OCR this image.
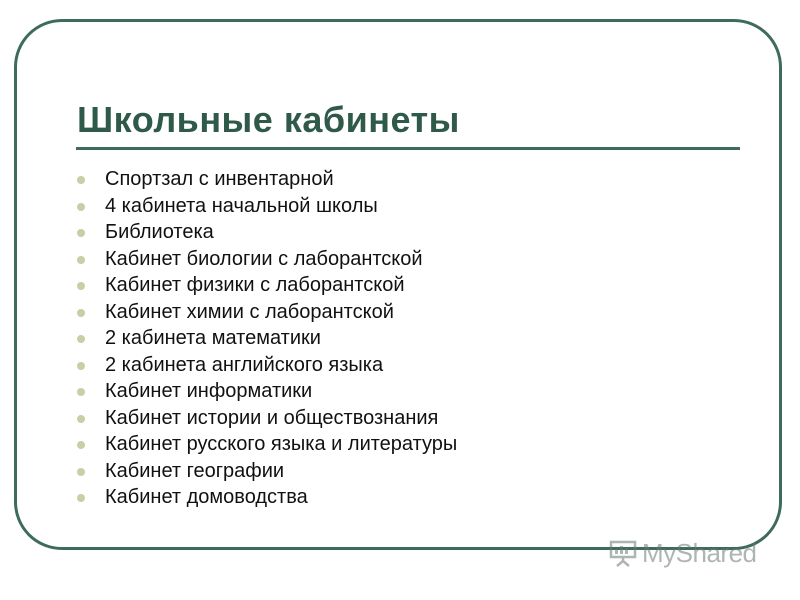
Школьные кабинеты
Спортзал с инвентарной
4 кабинета начальной школы
Библиотека
Кабинет биологии с лаборантской
Кабинет физики с лаборантской
Кабинет химии с лаборантской
2 кабинета математики
2 кабинета английского языка
Кабинет информатики
Кабинет истории и обществознания
Кабинет русского языка и литературы
Кабинет географии
Кабинет домоводства
MyShared
